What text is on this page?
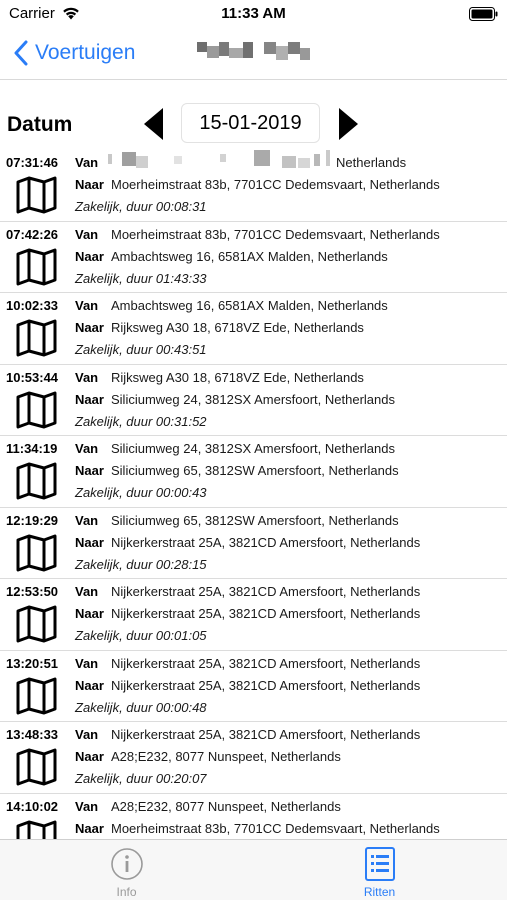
Carrier	11:33 AM
Voertuigen
Datum	15-01-2019
07:31:46 Van	Netherlands
Naar Moerheimstraat 83b, 7701CC Dedemsvaart, Netherlands
Zakelijk, duur 00:08:31
07:42:26 Van Moerheimstraat 83b, 7701CC Dedemsvaart, Netherlands
Naar Ambachtsweg 16, 6581AX Malden, Netherlands
Zakelijk, duur 01:43:33
10:02:33 Van Ambachtsweg 16, 6581AX Malden, Netherlands
Naar Rijksweg A30 18, 6718VZ Ede, Netherlands
Zakelijk, duur 00:43:51
10:53:44 Van Rijksweg A30 18, 6718VZ Ede, Netherlands
Naar Siliciumweg 24, 3812SX Amersfoort, Netherlands
Zakelijk, duur 00:31:52
11:34:19 Van Siliciumweg 24, 3812SX Amersfoort, Netherlands
Naar Siliciumweg 65, 3812SW Amersfoort, Netherlands
Zakelijk, duur 00:00:43
12:19:29 Van Siliciumweg 65, 3812SW Amersfoort, Netherlands
Naar Nijkerkerstraat 25A, 3821CD Amersfoort, Netherlands
Zakelijk, duur 00:28:15
12:53:50 Van Nijkerkerstraat 25A, 3821CD Amersfoort, Netherlands
Naar Nijkerkerstraat 25A, 3821CD Amersfoort, Netherlands
Zakelijk, duur 00:01:05
13:20:51 Van Nijkerkerstraat 25A, 3821CD Amersfoort, Netherlands
Naar Nijkerkerstraat 25A, 3821CD Amersfoort, Netherlands
Zakelijk, duur 00:00:48
13:48:33 Van Nijkerkerstraat 25A, 3821CD Amersfoort, Netherlands
Naar A28;E232, 8077 Nunspeet, Netherlands
Zakelijk, duur 00:20:07
14:10:02 Van A28;E232, 8077 Nunspeet, Netherlands
Naar Moerheimstraat 83b, 7701CC Dedemsvaart, Netherlands
Info	Ritten
